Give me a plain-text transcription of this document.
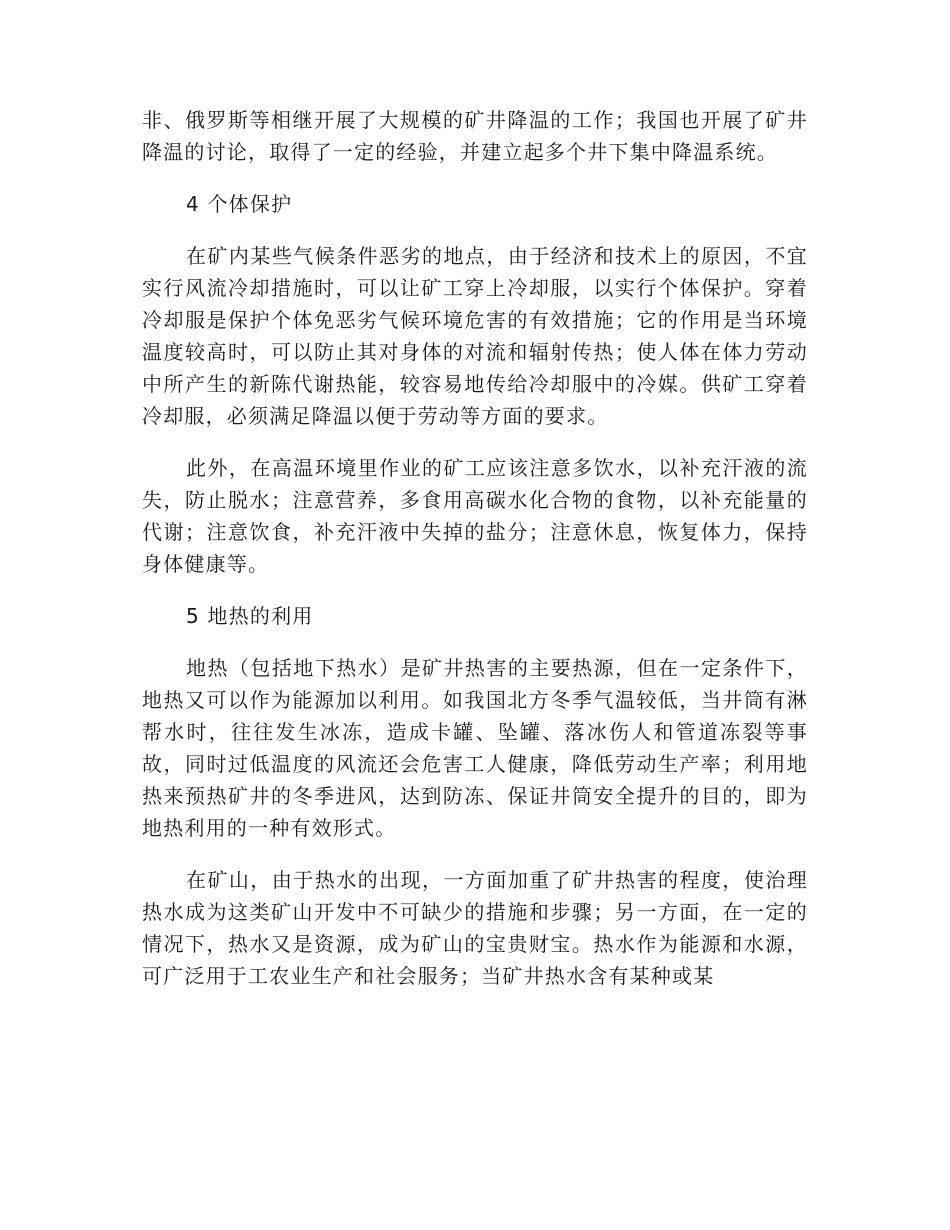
非、俄罗斯等相继开展了大规模的矿井降温的工作；我国也开展了矿井降温的讨论，取得了一定的经验，并建立起多个井下集中降温系统。

4 个体保护

在矿内某些气候条件恶劣的地点，由于经济和技术上的原因，不宜实行风流冷却措施时，可以让矿工穿上冷却服，以实行个体保护。穿着冷却服是保护个体免恶劣气候环境危害的有效措施；它的作用是当环境温度较高时，可以防止其对身体的对流和辐射传热；使人体在体力劳动中所产生的新陈代谢热能，较容易地传给冷却服中的冷媒。供矿工穿着冷却服，必须满足降温以便于劳动等方面的要求。

此外，在高温环境里作业的矿工应该注意多饮水，以补充汗液的流失，防止脱水；注意营养，多食用高碳水化合物的食物，以补充能量的代谢；注意饮食，补充汗液中失掉的盐分；注意休息，恢复体力，保持身体健康等。

5 地热的利用

地热（包括地下热水）是矿井热害的主要热源，但在一定条件下，地热又可以作为能源加以利用。如我国北方冬季气温较低，当井筒有淋帮水时，往往发生冰冻，造成卡罐、坠罐、落冰伤人和管道冻裂等事故，同时过低温度的风流还会危害工人健康，降低劳动生产率；利用地热来预热矿井的冬季进风，达到防冻、保证井筒安全提升的目的，即为地热利用的一种有效形式。

在矿山，由于热水的出现，一方面加重了矿井热害的程度，使治理热水成为这类矿山开发中不可缺少的措施和步骤；另一方面，在一定的情况下，热水又是资源，成为矿山的宝贵财宝。热水作为能源和水源，可广泛用于工农业生产和社会服务；当矿井热水含有某种或某
